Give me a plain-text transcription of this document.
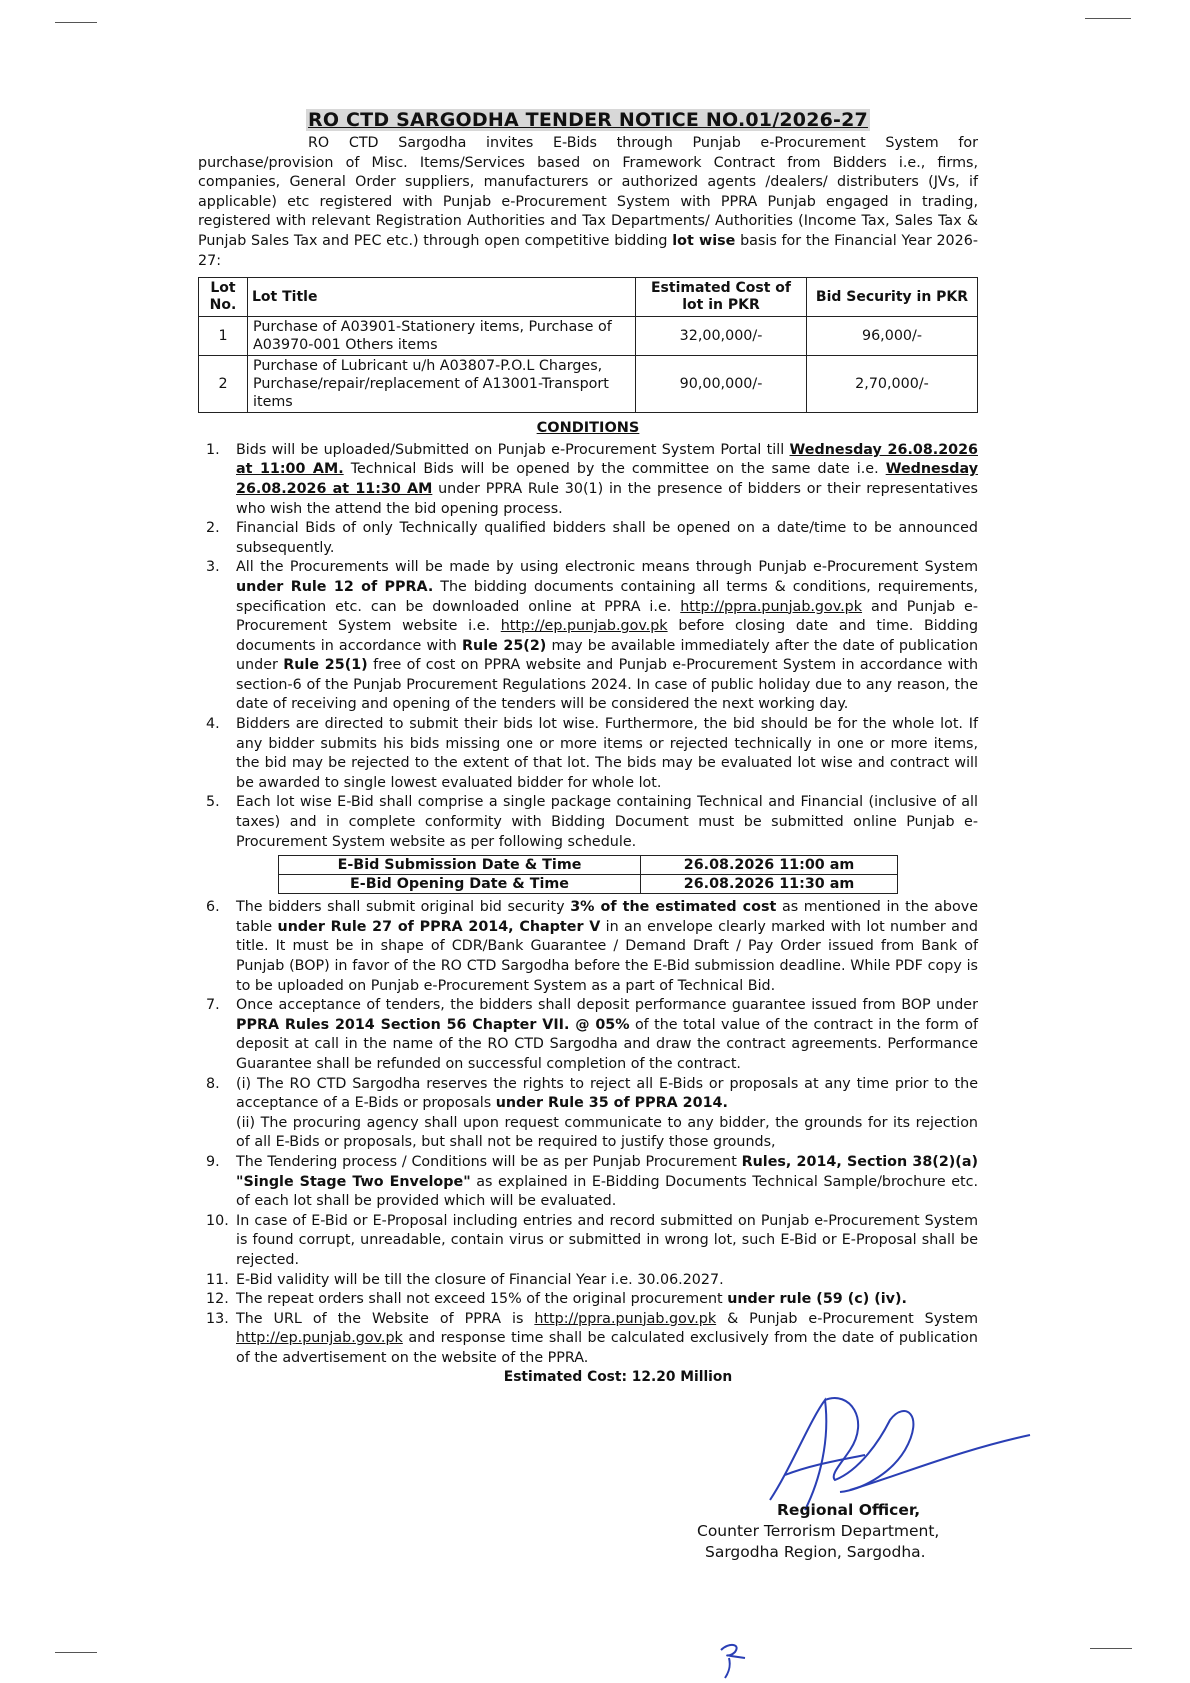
RO CTD SARGODHA TENDER NOTICE NO.01/2026-27

RO CTD Sargodha invites E-Bids through Punjab e-Procurement System for purchase/provision of Misc. Items/Services based on Framework Contract from Bidders i.e., firms, companies, General Order suppliers, manufacturers or authorized agents /dealers/ distributers (JVs, if applicable) etc registered with Punjab e-Procurement System with PPRA Punjab engaged in trading, registered with relevant Registration Authorities and Tax Departments/ Authorities (Income Tax, Sales Tax & Punjab Sales Tax and PEC etc.) through open competitive bidding lot wise basis for the Financial Year 2026-27:

Lot No.	Lot Title	Estimated Cost of lot in PKR	Bid Security in PKR
1	Purchase of A03901-Stationery items, Purchase of A03970-001 Others items	32,00,000/-	96,000/-
2	Purchase of Lubricant u/h A03807-P.O.L Charges, Purchase/repair/replacement of A13001-Transport items	90,00,000/-	2,70,000/-
CONDITIONS
1.	Bids will be uploaded/Submitted on Punjab e-Procurement System Portal till Wednesday 26.08.2026 at 11:00 AM. Technical Bids will be opened by the committee on the same date i.e. Wednesday 26.08.2026 at 11:30 AM under PPRA Rule 30(1) in the presence of bidders or their representatives who wish the attend the bid opening process.
2.	Financial Bids of only Technically qualified bidders shall be opened on a date/time to be announced subsequently.
3.	All the Procurements will be made by using electronic means through Punjab e-Procurement System under Rule 12 of PPRA. The bidding documents containing all terms & conditions, requirements, specification etc. can be downloaded online at PPRA i.e. http://ppra.punjab.gov.pk and Punjab e-Procurement System website i.e. http://ep.punjab.gov.pk before closing date and time. Bidding documents in accordance with Rule 25(2) may be available immediately after the date of publication under Rule 25(1) free of cost on PPRA website and Punjab e-Procurement System in accordance with section-6 of the Punjab Procurement Regulations 2024. In case of public holiday due to any reason, the date of receiving and opening of the tenders will be considered the next working day.
4.	Bidders are directed to submit their bids lot wise. Furthermore, the bid should be for the whole lot. If any bidder submits his bids missing one or more items or rejected technically in one or more items, the bid may be rejected to the extent of that lot. The bids may be evaluated lot wise and contract will be awarded to single lowest evaluated bidder for whole lot.
5.	Each lot wise E-Bid shall comprise a single package containing Technical and Financial (inclusive of all taxes) and in complete conformity with Bidding Document must be submitted online Punjab e-Procurement System website as per following schedule.
E-Bid Submission Date & Time	26.08.2026 11:00 am
E-Bid Opening Date & Time	26.08.2026 11:30 am
6.	The bidders shall submit original bid security 3% of the estimated cost as mentioned in the above table under Rule 27 of PPRA 2014, Chapter V in an envelope clearly marked with lot number and title. It must be in shape of CDR/Bank Guarantee / Demand Draft / Pay Order issued from Bank of Punjab (BOP) in favor of the RO CTD Sargodha before the E-Bid submission deadline. While PDF copy is to be uploaded on Punjab e-Procurement System as a part of Technical Bid.
7.	Once acceptance of tenders, the bidders shall deposit performance guarantee issued from BOP under PPRA Rules 2014 Section 56 Chapter VII. @ 05% of the total value of the contract in the form of deposit at call in the name of the RO CTD Sargodha and draw the contract agreements. Performance Guarantee shall be refunded on successful completion of the contract.
8.	(i) The RO CTD Sargodha reserves the rights to reject all E-Bids or proposals at any time prior to the acceptance of a E-Bids or proposals under Rule 35 of PPRA 2014.
(ii) The procuring agency shall upon request communicate to any bidder, the grounds for its rejection of all E-Bids or proposals, but shall not be required to justify those grounds,
9.	The Tendering process / Conditions will be as per Punjab Procurement Rules, 2014, Section 38(2)(a) "Single Stage Two Envelope" as explained in E-Bidding Documents Technical Sample/brochure etc. of each lot shall be provided which will be evaluated.
10. In case of E-Bid or E-Proposal including entries and record submitted on Punjab e-Procurement System is found corrupt, unreadable, contain virus or submitted in wrong lot, such E-Bid or E-Proposal shall be rejected.
11. E-Bid validity will be till the closure of Financial Year i.e. 30.06.2027.
12. The repeat orders shall not exceed 15% of the original procurement under rule (59 (c) (iv).
13. The URL of the Website of PPRA is http://ppra.punjab.gov.pk & Punjab e-Procurement System http://ep.punjab.gov.pk and response time shall be calculated exclusively from the date of publication of the advertisement on the website of the PPRA.
Estimated Cost: 12.20 Million
Regional Officer,
Counter Terrorism Department,
Sargodha Region, Sargodha.
